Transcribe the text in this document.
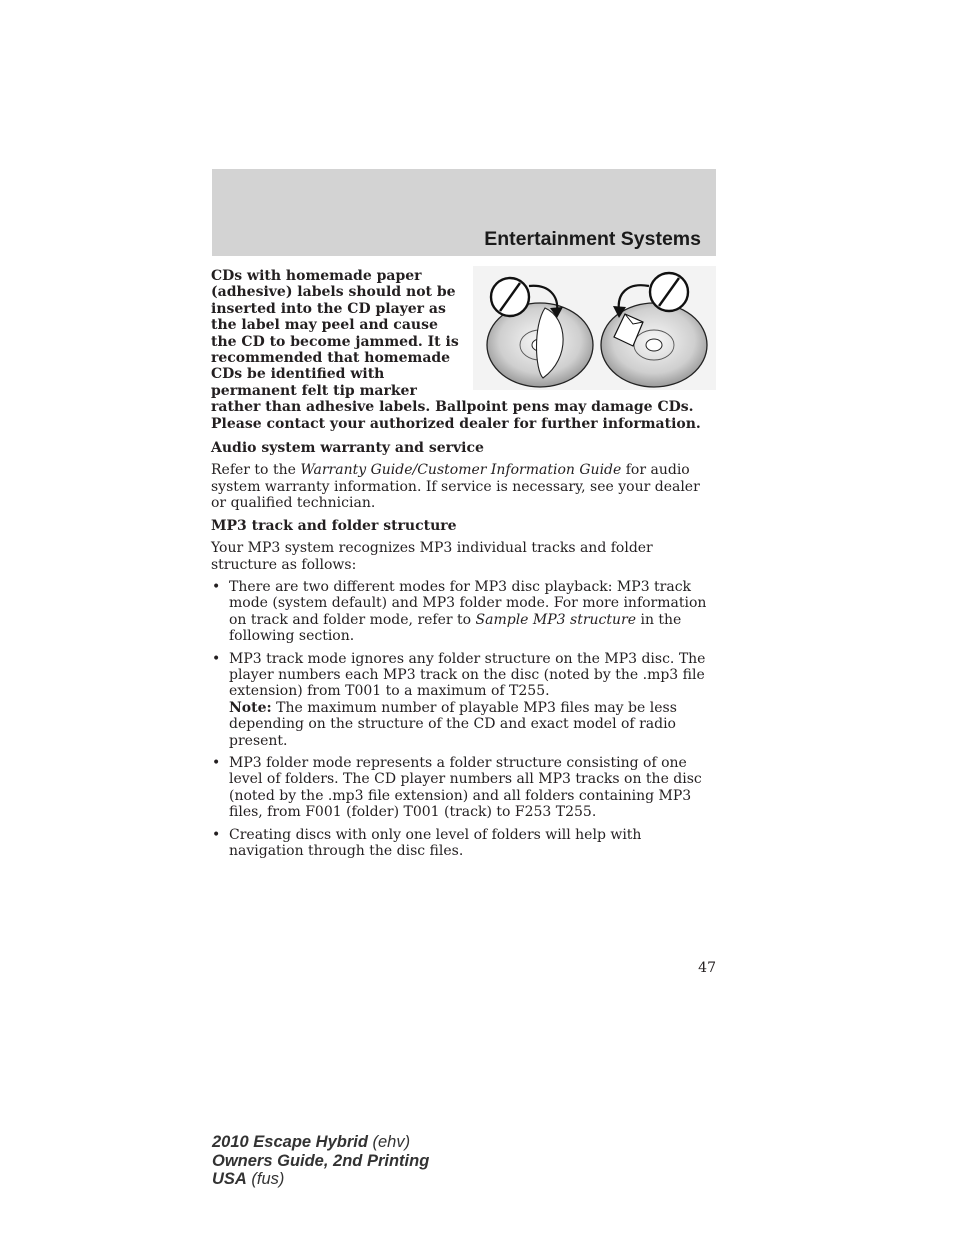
Entertainment Systems

CDs with homemade paper (adhesive) labels should not be inserted into the CD player as the label may peel and cause the CD to become jammed. It is recommended that homemade CDs be identified with permanent felt tip marker rather than adhesive labels. Ballpoint pens may damage CDs. Please contact your authorized dealer for further information.

Audio system warranty and service

Refer to the Warranty Guide/Customer Information Guide for audio system warranty information. If service is necessary, see your dealer or qualified technician.

MP3 track and folder structure

Your MP3 system recognizes MP3 individual tracks and folder structure as follows:

• There are two different modes for MP3 disc playback: MP3 track mode (system default) and MP3 folder mode. For more information on track and folder mode, refer to Sample MP3 structure in the following section.
• MP3 track mode ignores any folder structure on the MP3 disc. The player numbers each MP3 track on the disc (noted by the .mp3 file extension) from T001 to a maximum of T255.
Note: The maximum number of playable MP3 files may be less depending on the structure of the CD and exact model of radio present.
• MP3 folder mode represents a folder structure consisting of one level of folders. The CD player numbers all MP3 tracks on the disc (noted by the .mp3 file extension) and all folders containing MP3 files, from F001 (folder) T001 (track) to F253 T255.
• Creating discs with only one level of folders will help with navigation through the disc files.
47
2010 Escape Hybrid (ehv)
Owners Guide, 2nd Printing
USA (fus)
